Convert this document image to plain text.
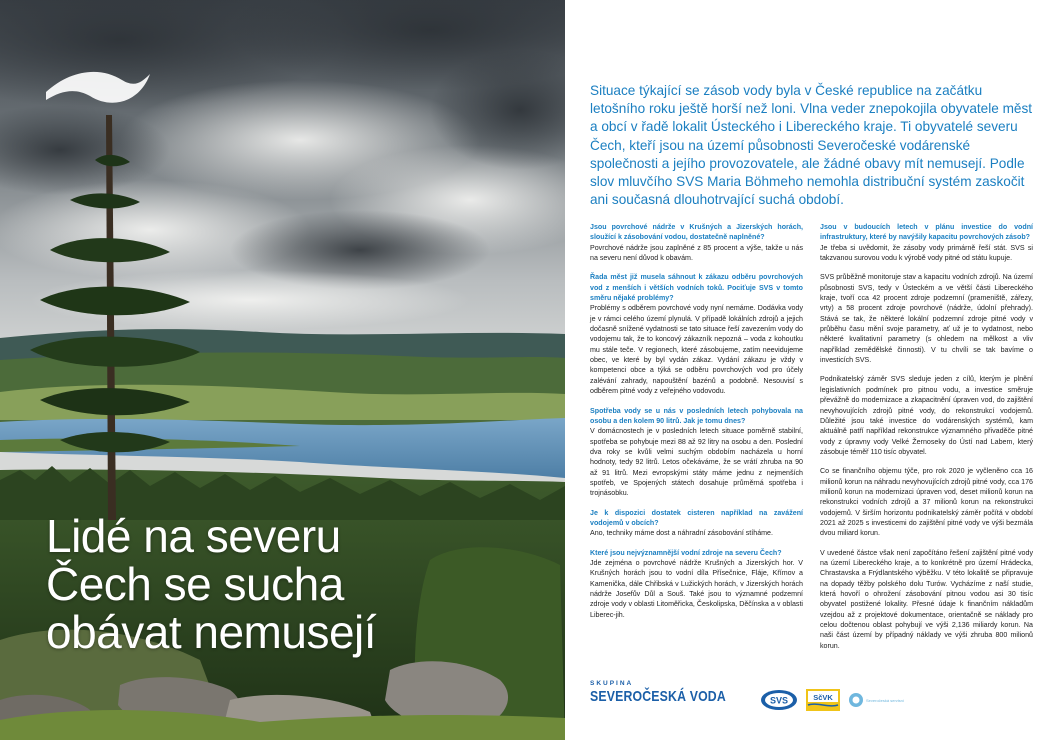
Lidé na severu
Čech se sucha
obávat nemusejí

Situace týkající se zásob vody byla v České republice na začátku letošního roku ještě horší než loni. Vlna veder znepokojila obyvatele měst a obcí v řadě lokalit Ústeckého i Libereckého kraje. Ti obyvatelé severu Čech, kteří jsou na území působnosti Severočeské vodárenské společnosti a jejího provozovatele, ale žádné obavy mít nemusejí. Podle slov mluvčího SVS Maria Böhmeho nemohla distribuční systém zaskočit ani současná dlouhotrvající suchá období.

Jsou povrchové nádrže v Krušných a Jizerských horách, sloužící k zásobování vodou, dostatečně naplněné?

Povrchové nádrže jsou zaplněné z 85 procent a výše, takže u nás na severu není důvod k obavám.

Řada měst již musela sáhnout k zákazu odběru povrchových vod z menších i větších vodních toků. Pociťuje SVS v tomto směru nějaké problémy?

Problémy s odběrem povrchové vody nyní nemáme. Dodávka vody je v rámci celého území plynulá. V případě lokálních zdrojů a jejich dočasně snížené vydatnosti se tato situace řeší zavezením vody do vodojemu tak, že to koncový zákazník nepozná – voda z kohoutku mu stále teče. V regionech, které zásobujeme, zatím neevidujeme obec, ve které by byl vydán zákaz. Vydání zákazu je vždy v kompetenci obce a týká se odběru povrchových vod pro účely zalévání zahrady, napouštění bazénů a podobně. Nesouvisí s odběrem pitné vody z veřejného vodovodu.

Spotřeba vody se u nás v posledních letech pohybovala na osobu a den kolem 90 litrů. Jak je tomu dnes?

V domácnostech je v posledních letech situace poměrně stabilní, spotřeba se pohybuje mezi 88 až 92 litry na osobu a den. Poslední dva roky se kvůli velmi suchým obdobím nacházela u horní hodnoty, tedy 92 litrů. Letos očekáváme, že se vrátí zhruba na 90 až 91 litrů. Mezi evropskými státy máme jednu z nejmenších spotřeb, ve Spojených státech dosahuje průměrná spotřeba i trojnásobku.

Je k dispozici dostatek cisteren například na zavážení vodojemů v obcích?

Ano, techniky máme dost a náhradní zásobování stíháme.

Které jsou nejvýznamnější vodní zdroje na severu Čech?

Jde zejména o povrchové nádrže Krušných a Jizerských hor. V Krušných horách jsou to vodní díla Přísečnice, Fláje, Křímov a Kamenička, dále Chřibská v Lužických horách, v Jizerských horách nádrže Josefův Důl a Souš. Také jsou to významné podzemní zdroje vody v oblasti Litoměřicka, Českolipska, Děčínska a v oblasti Liberec-jih.

Jsou v budoucích letech v plánu investice do vodní infrastruktury, které by navýšily kapacitu povrchových zásob?

Je třeba si uvědomit, že zásoby vody primárně řeší stát. SVS si takzvanou surovou vodu k výrobě vody pitné od státu kupuje.

SVS průběžně monitoruje stav a kapacitu vodních zdrojů. Na území působnosti SVS, tedy v Ústeckém a ve větší části Libereckého kraje, tvoří cca 42 procent zdroje podzemní (prameniště, zářezy, vrty) a 58 procent zdroje povrchové (nádrže, údolní přehrady). Stává se tak, že některé lokální podzemní zdroje pitné vody v průběhu času mění svoje parametry, ať už je to vydatnost, nebo některé kvalitativní parametry (s ohledem na mělkost a vliv například zemědělské činnosti). V tu chvíli se tak bavíme o investicích SVS.

Podnikatelský záměr SVS sleduje jeden z cílů, kterým je plnění legislativních podmínek pro pitnou vodu, a investice směruje převážně do modernizace a zkapacitnění úpraven vod, do zajištění nevyhovujících zdrojů pitné vody, do rekonstrukcí vodojemů. Důležité jsou také investice do vodárenských systémů, kam aktuálně patří například rekonstrukce významného přivaděče pitné vody z úpravny vody Velké Žernoseky do Ústí nad Labem, který zásobuje téměř 110 tisíc obyvatel.

Co se finančního objemu týče, pro rok 2020 je vyčleněno cca 16 milionů korun na náhradu nevyhovujících zdrojů pitné vody, cca 176 milionů korun na modernizaci úpraven vod, deset milionů korun na rekonstrukci vodních zdrojů a 37 milionů korun na rekonstrukci vodojemů. V širším horizontu podnikatelský záměr počítá v období 2021 až 2025 s investicemi do zajištění pitné vody ve výši bezmála dvou miliard korun.

V uvedené částce však není započítáno řešení zajištění pitné vody na území Libereckého kraje, a to konkrétně pro území Hrádecka, Chrastavska a Frýdlantského výběžku. V této lokalitě se připravuje na dopady těžby polského dolu Turów. Vycházíme z naší studie, která hovoří o ohrožení zásobování pitnou vodou asi 30 tisíc obyvatel postižené lokality. Přesné údaje k finančním nákladům vzejdou až z projektové dokumentace, orientačně se náklady pro celou dočtenou oblast pohybují ve výši 2,136 miliardy korun. Na naši část území by případný náklady ve výši zhruba 800 milionů korun.

SKUPINA
SEVEROČESKÁ VODA	SVS	SčVK	Severočeská servisní
